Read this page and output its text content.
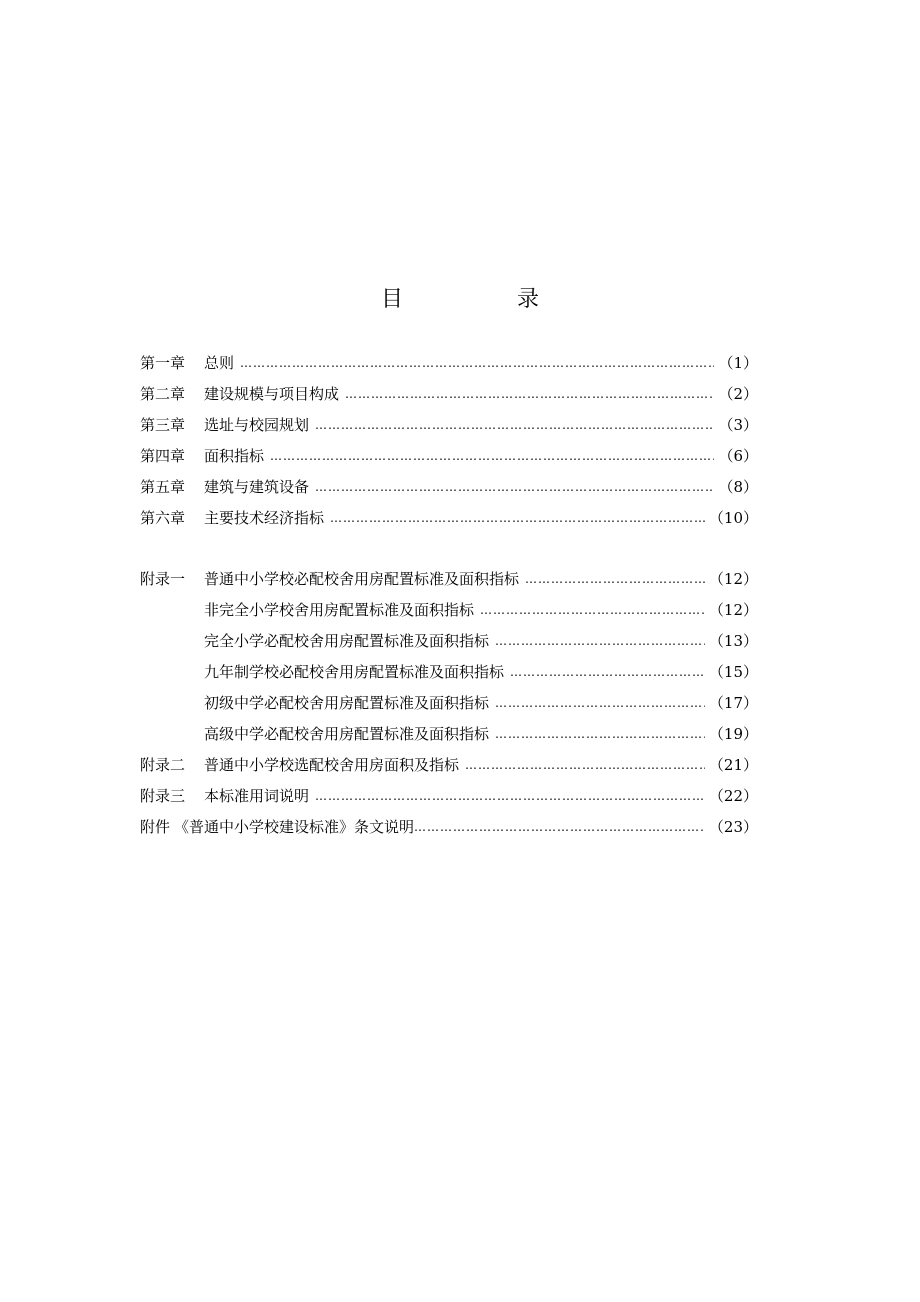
目　录
第一章	总则 ……………………………………………………………………………………………………………………………………………………	（1）
第二章	建设规模与项目构成 ……………………………………………………………………………………………………………………………………………………	（2）
第三章	选址与校园规划 ……………………………………………………………………………………………………………………………………………………	（3）
第四章	面积指标 ……………………………………………………………………………………………………………………………………………………	（6）
第五章	建筑与建筑设备 ……………………………………………………………………………………………………………………………………………………	（8）
第六章	主要技术经济指标 ……………………………………………………………………………………………………………………………………………………	（10）
附录一	普通中小学校必配校舍用房配置标准及面积指标 ……………………………………………………………………………………………………………………………………………………	（12）
非完全小学校舍用房配置标准及面积指标 ……………………………………………………………………………………………………………………………………………………	（12）
完全小学必配校舍用房配置标准及面积指标 ……………………………………………………………………………………………………………………………………………………	（13）
九年制学校必配校舍用房配置标准及面积指标 ……………………………………………………………………………………………………………………………………………………	（15）
初级中学必配校舍用房配置标准及面积指标 ……………………………………………………………………………………………………………………………………………………	（17）
高级中学必配校舍用房配置标准及面积指标 ……………………………………………………………………………………………………………………………………………………	（19）
附录二	普通中小学校选配校舍用房面积及指标 ……………………………………………………………………………………………………………………………………………………	（21）
附录三	本标准用词说明 ……………………………………………………………………………………………………………………………………………………	（22）
附件 《普通中小学校建设标准》条文说明 ……………………………………………………………………………………………………………………………………………………	（23）
